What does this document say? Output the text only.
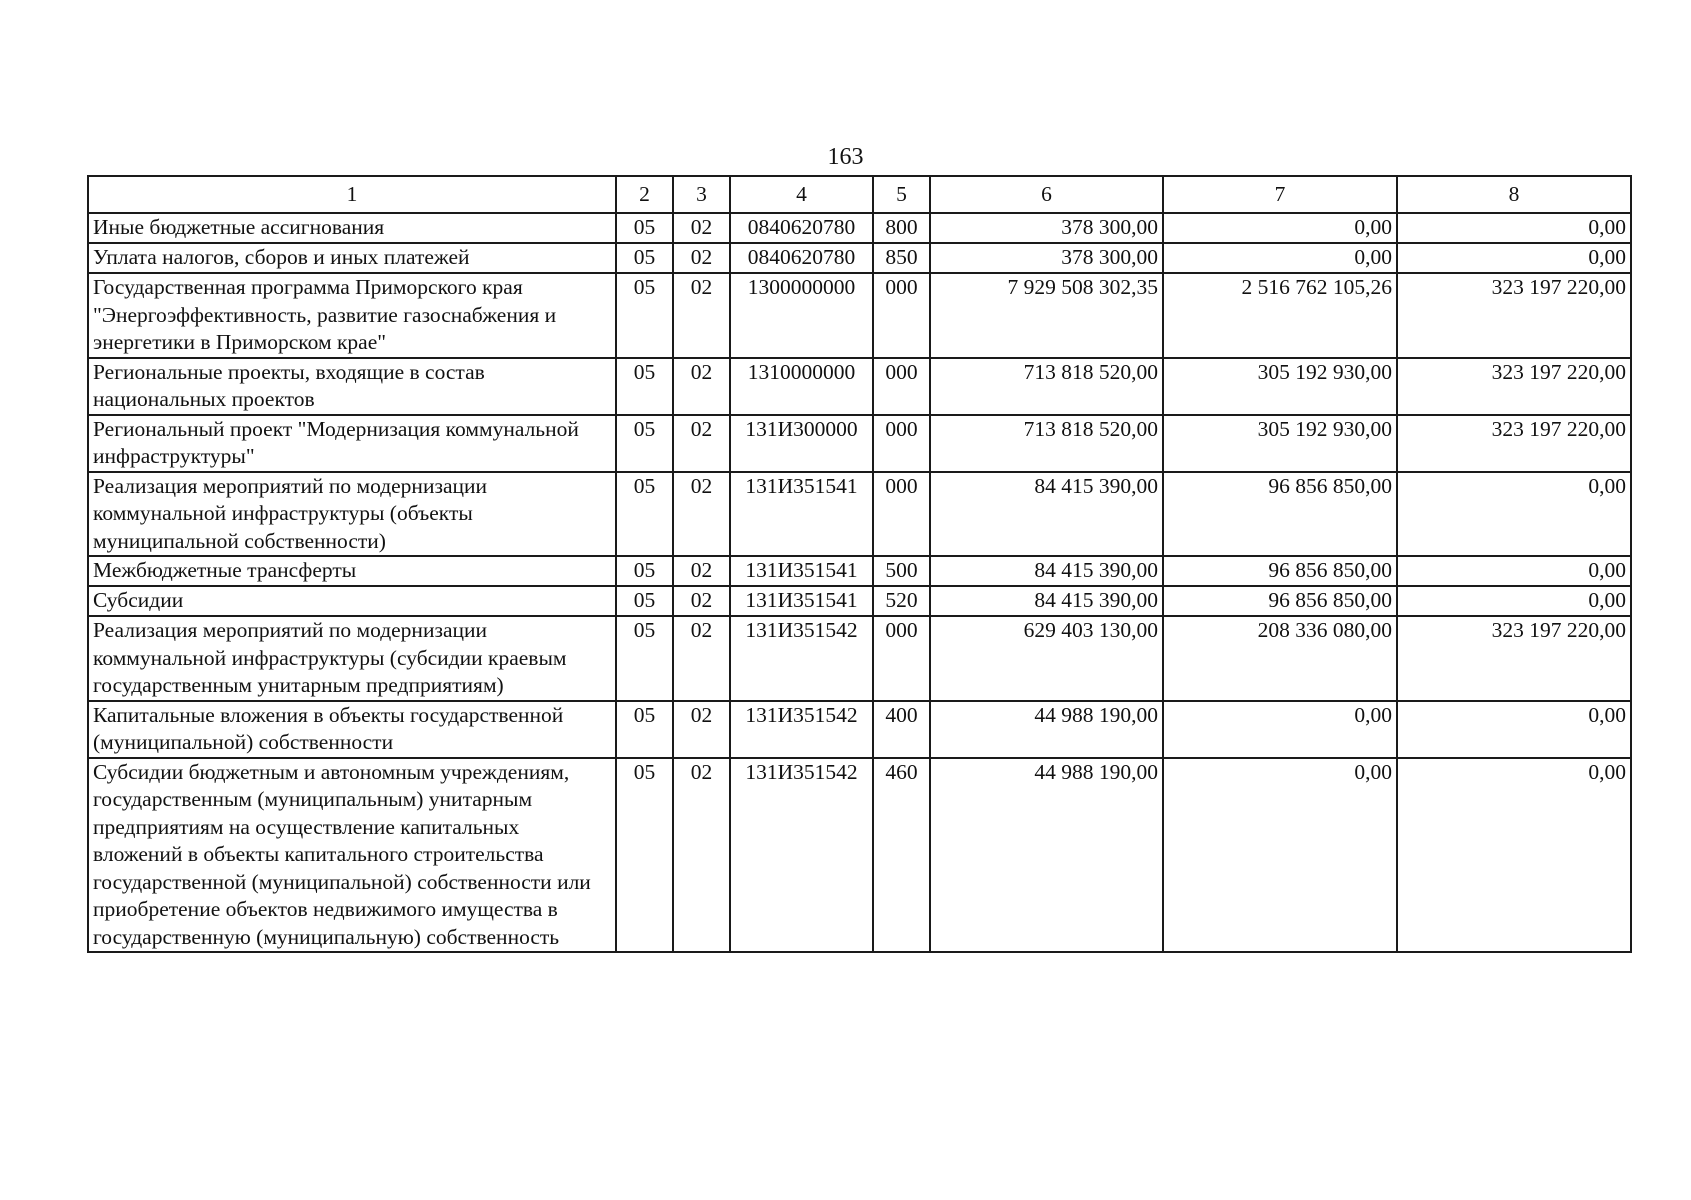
163
1	2	3	4	5	6	7	8
Иные бюджетные ассигнования	05	02	0840620780	800	378 300,00	0,00	0,00
Уплата налогов, сборов и иных платежей	05	02	0840620780	850	378 300,00	0,00	0,00
Государственная программа Приморского края "Энергоэффективность, развитие газоснабжения и энергетики в Приморском крае"	05	02	1300000000	000	7 929 508 302,35	2 516 762 105,26	323 197 220,00
Региональные проекты, входящие в состав национальных проектов	05	02	1310000000	000	713 818 520,00	305 192 930,00	323 197 220,00
Региональный проект "Модернизация коммунальной инфраструктуры"	05	02	131И300000	000	713 818 520,00	305 192 930,00	323 197 220,00
Реализация мероприятий по модернизации коммунальной инфраструктуры (объекты муниципальной собственности)	05	02	131И351541	000	84 415 390,00	96 856 850,00	0,00
Межбюджетные трансферты	05	02	131И351541	500	84 415 390,00	96 856 850,00	0,00
Субсидии	05	02	131И351541	520	84 415 390,00	96 856 850,00	0,00
Реализация мероприятий по модернизации коммунальной инфраструктуры (субсидии краевым государственным унитарным предприятиям)	05	02	131И351542	000	629 403 130,00	208 336 080,00	323 197 220,00
Капитальные вложения в объекты государственной (муниципальной) собственности	05	02	131И351542	400	44 988 190,00	0,00	0,00
Субсидии бюджетным и автономным учреждениям, государственным (муниципальным) унитарным предприятиям на осуществление капитальных вложений в объекты капитального строительства государственной (муниципальной) собственности или приобретение объектов недвижимого имущества в государственную (муниципальную) собственность	05	02	131И351542	460	44 988 190,00	0,00	0,00
